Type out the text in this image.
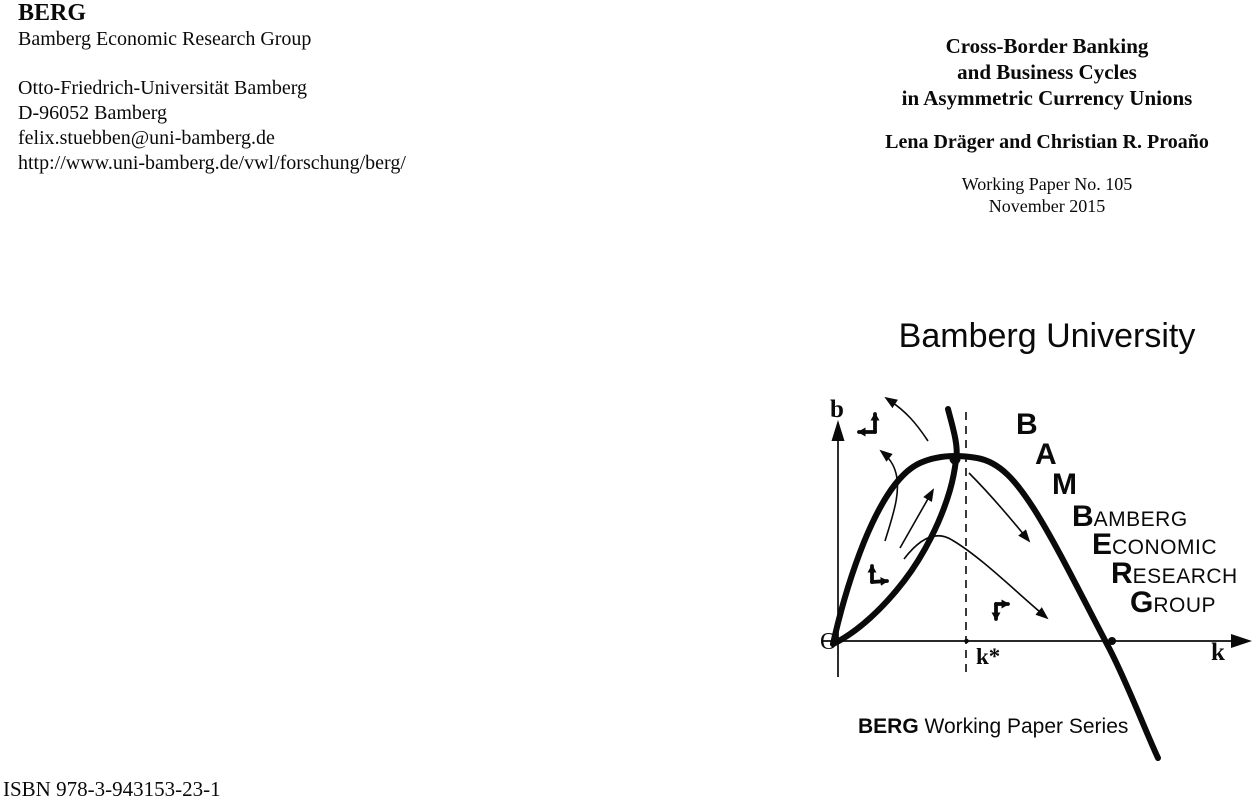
BERG
Bamberg Economic Research Group
Otto-Friedrich-Universität Bamberg
D-96052 Bamberg
felix.stuebben@uni-bamberg.de
http://www.uni-bamberg.de/vwl/forschung/berg/
Cross-Border Banking
and Business Cycles
in Asymmetric Currency Unions
Lena Dräger and Christian R. Proaño
Working Paper No. 105
November 2015
Bamberg University
b
k
k*
O
B
A
M
BAMBERG
ECONOMIC
RESEARCH
GROUP
BERG Working Paper Series
ISBN 978-3-943153-23-1
